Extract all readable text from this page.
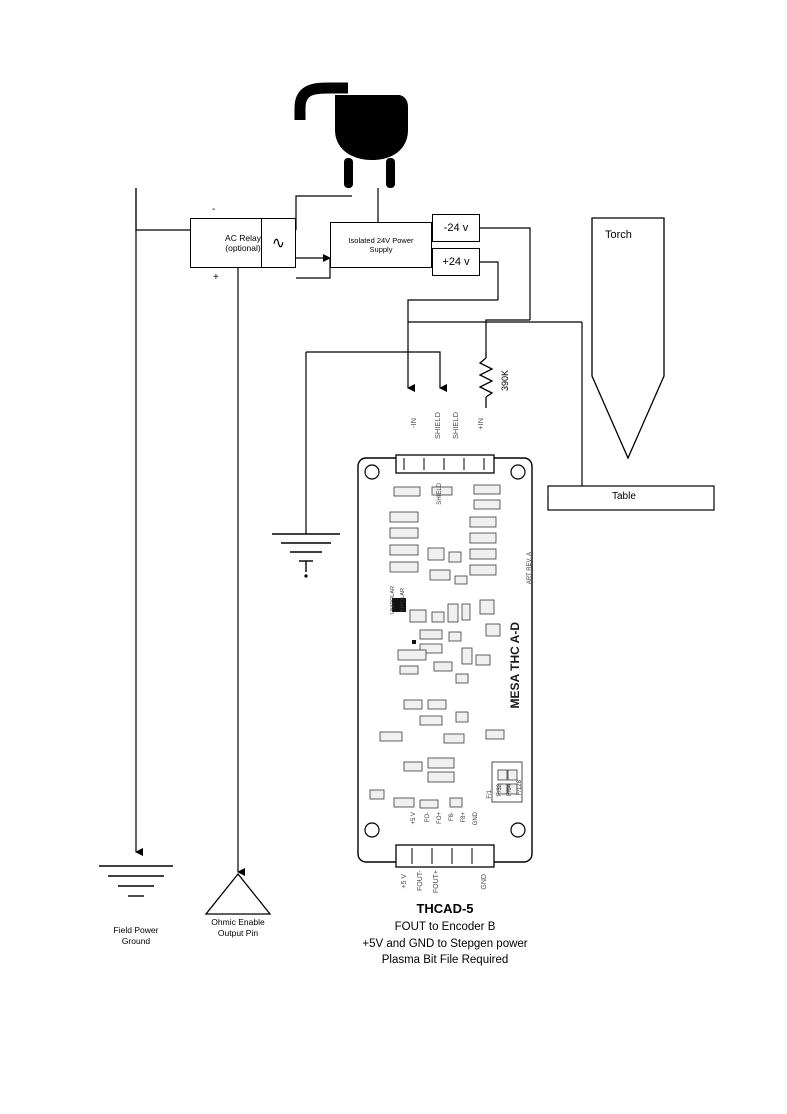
AC Relay
(optional) ∿
-
+
Isolated 24V Power
Supply
-24 v
+24 v
Torch
Table
390K
-IN SHIELD SHIELD +IN
SHIELD
MESA THC A-D
ART REV. A
UNIPOLAR BIPOLAR
+5 V FO- FO+ F8- F8+ GND
F/1 F/32 F/64 F/128
+5 V FOUT- FOUT+	GND
Field Power
Ground
Ohmic Enable
Output Pin
THCAD-5
FOUT to Encoder B
+5V and GND to Stepgen power
Plasma Bit File Required
